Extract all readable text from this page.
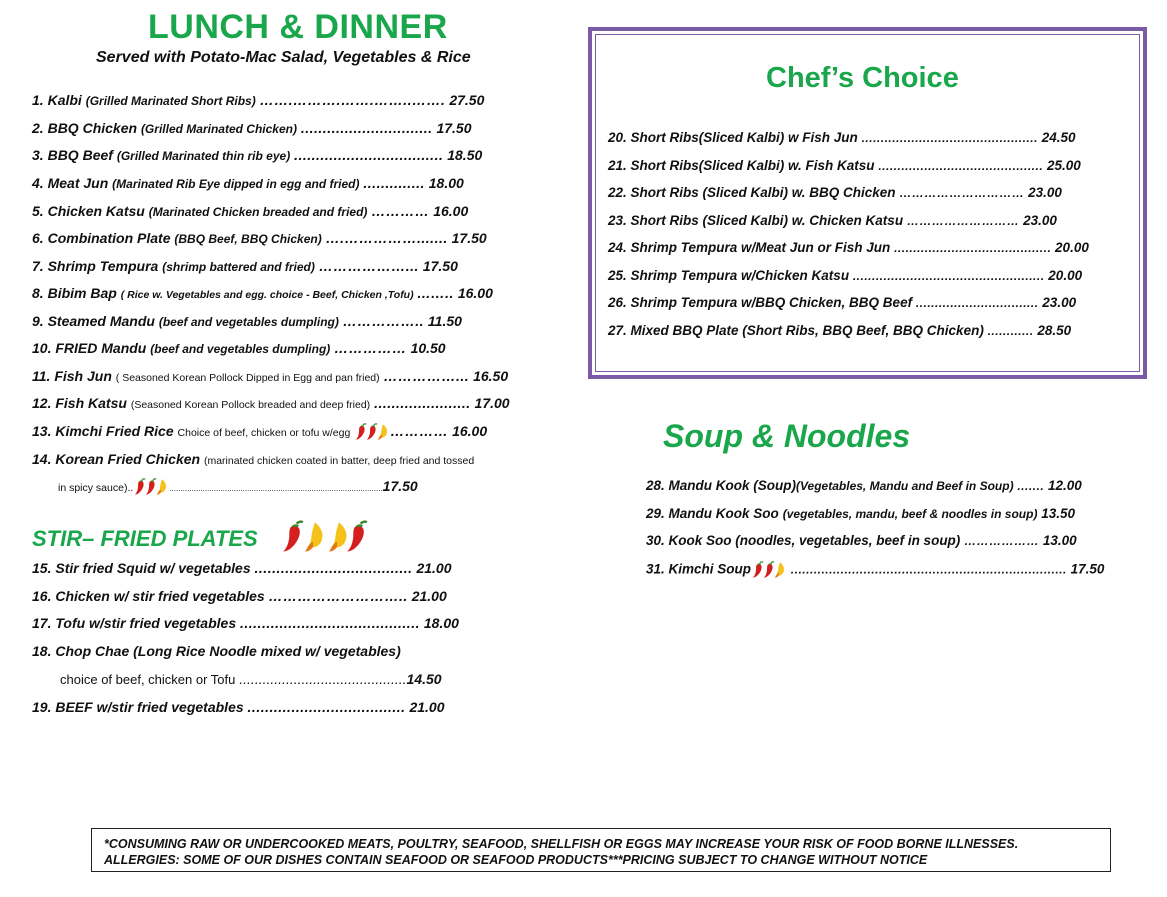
LUNCH & DINNER
Served with Potato-Mac Salad, Vegetables & Rice
1. Kalbi (Grilled Marinated Short Ribs) …….……….…….……..……. 27.50
2. BBQ Chicken (Grilled Marinated Chicken) .............................. 17.50
3. BBQ Beef (Grilled Marinated thin rib eye) .................................. 18.50
4. Meat Jun (Marinated Rib Eye dipped in egg and fried) .............. 18.00
5. Chicken Katsu (Marinated Chicken breaded and fried) ………… 16.00
6. Combination Plate (BBQ Beef, BBQ Chicken) ….……………....... 17.50
7. Shrimp Tempura (shrimp battered and fried) ………………... 17.50
8. Bibim Bap ( Rice w. Vegetables and egg. choice - Beef, Chicken ,Tofu) ...….. 16.00
9. Steamed Mandu (beef and vegetables dumpling) …………….. 11.50
10. FRIED Mandu (beef and vegetables dumpling) …………… 10.50
11. Fish Jun ( Seasoned Korean Pollock Dipped in Egg and pan fried) ……………... 16.50
12. Fish Katsu (Seasoned Korean Pollock breaded and deep fried) ...................... 17.00
13. Kimchi Fried Rice Choice of beef, chicken or tofu w/egg	………… 16.00
14. Korean Fried Chicken (marinated chicken coated in batter, deep fried and tossed
in spicy sauce)..	................................................................................................17.50
STIR– FRIED PLATES
15. Stir fried Squid w/ vegetables .................................... 21.00
16. Chicken w/ stir fried vegetables ……………………….. 21.00
17. Tofu w/stir fried vegetables ......................................... 18.00
18. Chop Chae (Long Rice Noodle mixed w/ vegetables)
choice of beef, chicken or Tofu ...........................................14.50
19. BEEF w/stir fried vegetables .................................... 21.00
Chef’s Choice
20. Short Ribs(Sliced Kalbi) w Fish Jun .............................................. 24.50
21. Short Ribs(Sliced Kalbi) w. Fish Katsu ........................................... 25.00
22. Short Ribs (Sliced Kalbi) w. BBQ Chicken ………………………… 23.00
23. Short Ribs (Sliced Kalbi) w. Chicken Katsu ……………………… 23.00
24. Shrimp Tempura w/Meat Jun or Fish Jun ......................................... 20.00
25. Shrimp Tempura w/Chicken Katsu .................................................. 20.00
26. Shrimp Tempura w/BBQ Chicken, BBQ Beef ................................ 23.00
27. Mixed BBQ Plate (Short Ribs, BBQ Beef, BBQ Chicken) ............ 28.50
Soup & Noodles
28. Mandu Kook (Soup)(Vegetables, Mandu and Beef in Soup) ....... 12.00
29. Mandu Kook Soo (vegetables, mandu, beef & noodles in soup) 13.50
30. Kook Soo (noodles, vegetables, beef in soup) ……………… 13.00
31. Kimchi Soup	........................................................................ 17.50
*CONSUMING RAW OR UNDERCOOKED MEATS, POULTRY, SEAFOOD, SHELLFISH OR EGGS MAY INCREASE YOUR RISK OF FOOD BORNE ILLNESSES.
ALLERGIES: SOME OF OUR DISHES CONTAIN SEAFOOD OR SEAFOOD PRODUCTS***PRICING SUBJECT TO CHANGE WITHOUT NOTICE
